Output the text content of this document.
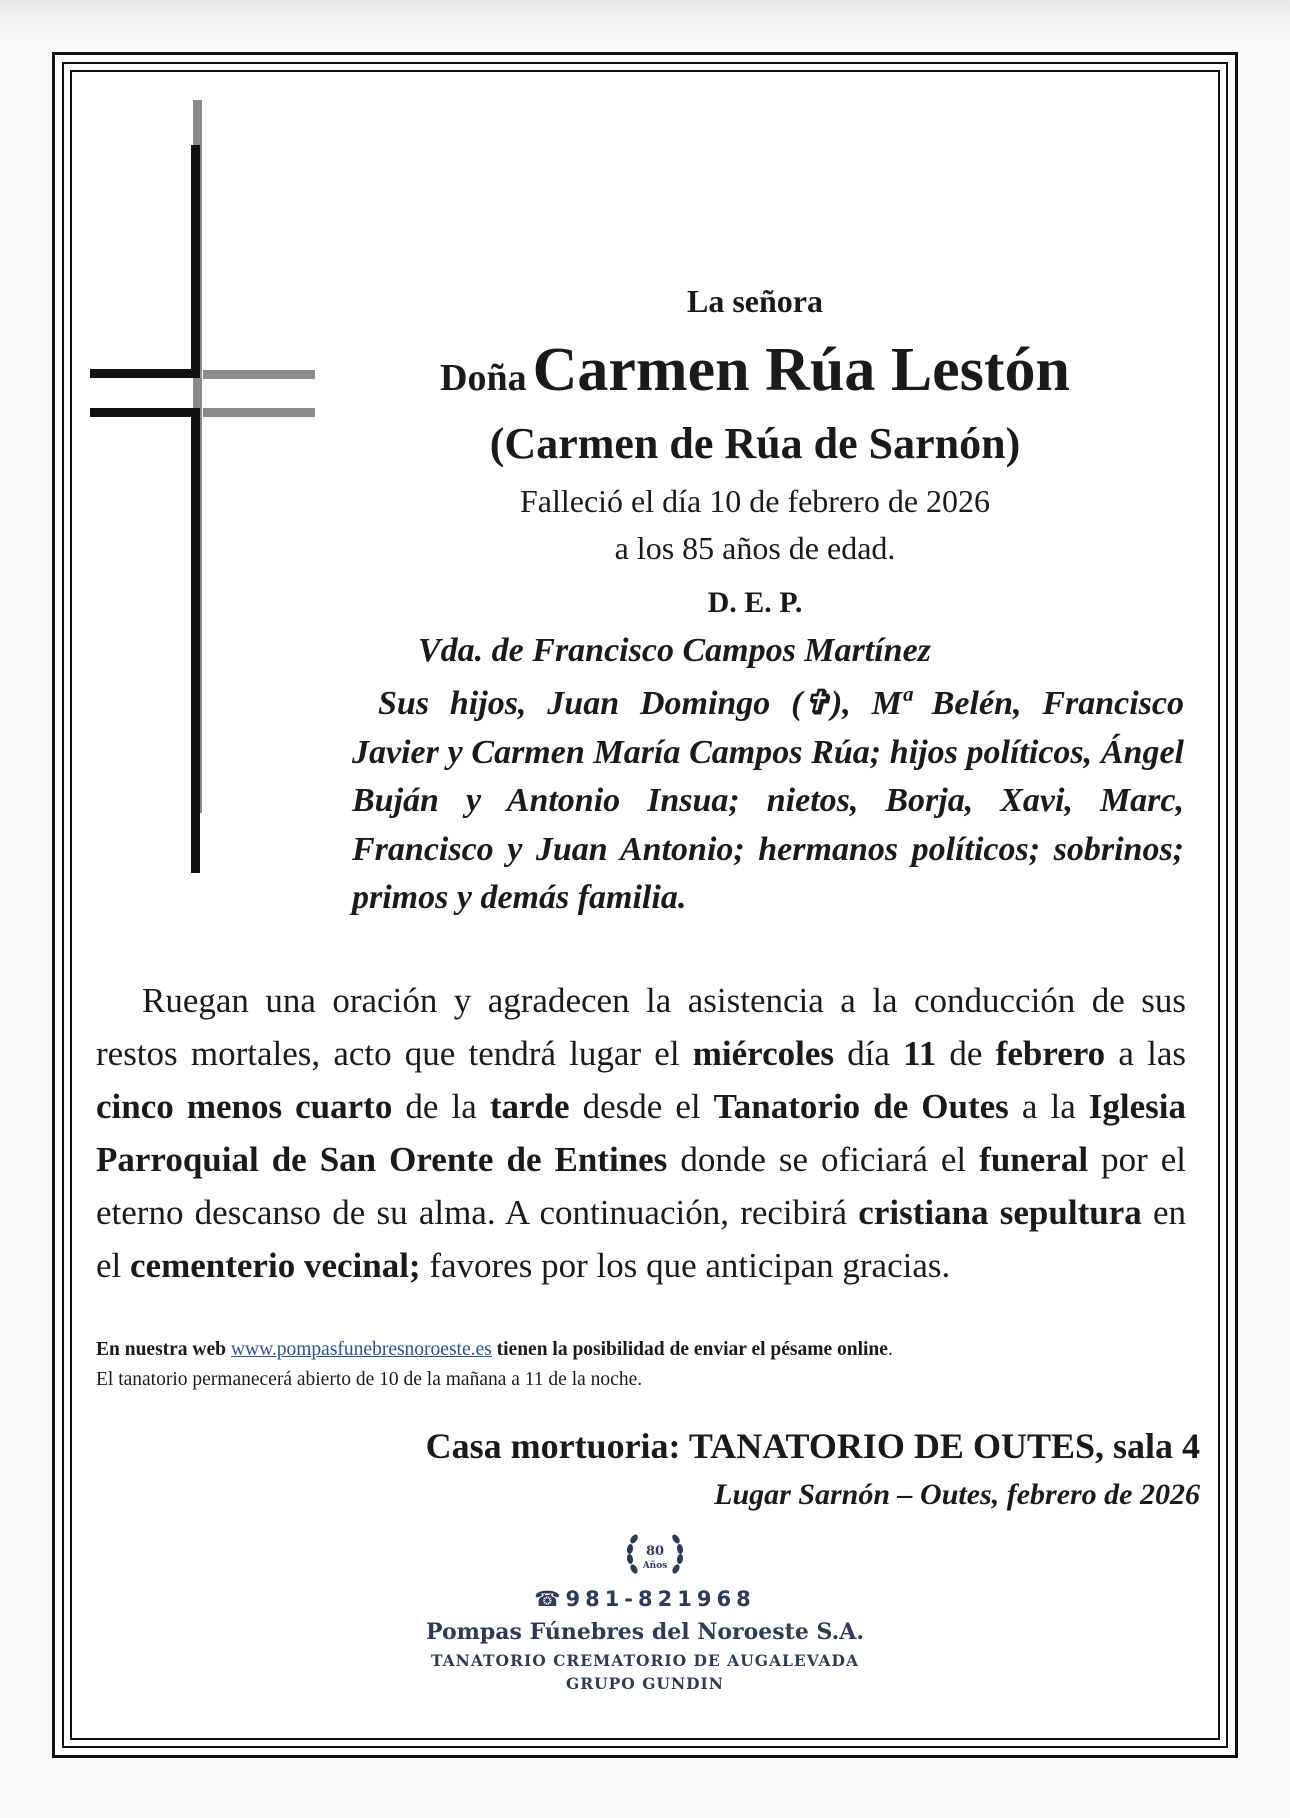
La señora
DoñaCarmen Rúa Lestón
(Carmen de Rúa de Sarnón)
Falleció el día 10 de febrero de 2026
a los 85 años de edad.
D. E. P.
Vda. de Francisco Campos Martínez
Sus hijos, Juan Domingo (✞), Mª Belén, Francisco Javier y Carmen María Campos Rúa; hijos políticos, Ángel Buján y Antonio Insua; nietos, Borja, Xavi, Marc, Francisco y Juan Antonio; hermanos políticos; sobrinos; primos y demás familia.
Ruegan una oración y agradecen la asistencia a la conducción de sus restos mortales, acto que tendrá lugar el miércoles día 11 de febrero a las cinco menos cuarto de la tarde desde el Tanatorio de Outes a la Iglesia Parroquial de San Orente de Entines donde se oficiará el funeral por el eterno descanso de su alma. A continuación, recibirá cristiana sepultura en el cementerio vecinal; favores por los que anticipan gracias.
En nuestra web www.pompasfunebresnoroeste.es tienen la posibilidad de enviar el pésame online.
El tanatorio permanecerá abierto de 10 de la mañana a 11 de la noche.
Casa mortuoria: TANATORIO DE OUTES, sala 4
Lugar Sarnón – Outes, febrero de 2026
80
Años
☎981-821968
Pompas Fúnebres del Noroeste S.A.
TANATORIO CREMATORIO DE AUGALEVADA
GRUPO GUNDIN
